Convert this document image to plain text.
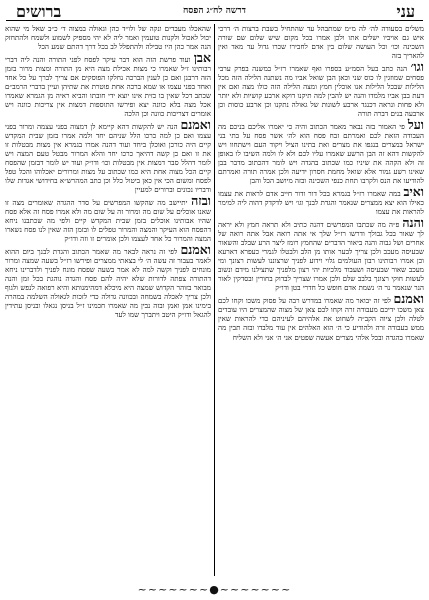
עני
דרשה לח״ג הפסח
ברושים

משלים בסעודה לה׳ לה מ״מ שמתבהל עד שהתחיל בשבת ברצות ה׳ דרכי איש גם אויביו ישלים אתו ולכן אמרו בכל מקום שיש שלום שם שורה השכינה וכו׳ וכל העושה שלום בין אדם לחבירו שכרו גדול עד מאד ואין להאריך בזה

וגו׳ הנה כתב בעל הסמ״ע בספרו ואף שאמרו רז״ל במשנה בפרק ערבי פסחים שמוזגין לו כוס שני וכאן הבן שואל אביו מה נשתנה הלילה הזה מכל הלילות שבכל הלילות אנו אוכלין חמץ ומצה הלילה הזה כולו מצה ואם אין דעת בבן אביו מלמדו והנה יש להבין למה תיקנו דוקא ארבע קושיות ולא יותר ולא פחות ונראה דכנגד ארבע לשונות של גאולה נתקנו וכן ארבע כוסות וכן ארבעה בנים דברה תורה

ועל פי האמור בזה נבאר מאמר הכתוב והיה כי יאמרו אליכם בניכם מה העבודה הזאת לכם ואמרתם זבח פסח הוא לה׳ אשר פסח על בתי בני ישראל במצרים בנגפו את מצרים ואת בתינו הציל ויקוד העם וישתחוו ויש להקשות דהא זה הבן הרשע שאמרו עליו לכם ולא לו ולמה השיבו לו באופן זה ולא הקהה את שיניו כמו שכתוב בהגדה ויש לומר דהכתוב מדבר בבן שאינו רשע גמור אלא שואל מחמת חסרון ידיעה ולכן אמרה תורה ואמרתם להודיעו את הנס ולקרבו תחת כנפי השכינה ובזה מיושב הכל והבן

ואיב במה שאמרו רז״ל בגמרא בכל דור ודור חייב אדם לראות את עצמו כאילו הוא יצא ממצרים שנאמר והגדת לבנך וגו׳ ויש לדקדק דהוה ליה למימר להראות את עצמו

והנה פ״ה מה שכתבו המפרשים דהנה כתיב ולא תראה חמץ ולא יראה לך שאור בכל גבולך ודרשו רז״ל שלך אי אתה רואה אבל אתה רואה של אחרים ושל גבוה והנה ביאור הדברים שהחמץ רומז ליצר הרע שבלב והשאור שבעיסה מעכב ולכן צריך לבער אותו מן הלב ולבטלו לגמרי כעפרא דארעא וכן אמרו רבותינו רבון העולמים גלוי וידוע לפניך שרצוננו לעשות רצונך ומי מעכב שאור שבעיסה ושעבוד מלכיות יהי רצון מלפניך שתצילנו מידם ונשוב לעשות חוקי רצונך בלבב שלם ולכן אמרו שצריך לבדוק בחורין ובסדקין לאור הנר שנאמר נר ה׳ נשמת אדם חופש כל חדרי בטן ודו״ק

ואמנם לפי זה יבואר מה שאמרו במדרש רבה על פסוק משכו וקחו לכם צאן משכו ידיכם מעבודה זרה וקחו לכם צאן של מצוה שהמצרים היו עובדים לטלה ולכן ציוה הקב״ה לשחוט את אלהיהם לעיניהם כדי להראות שאין ממש בעבודה זרה ולהודיע כי ה׳ הוא האלהים אין עוד מלבדו ובזה תבין מה שאמרו בהגדה ובכל אלהי מצרים אעשה שפטים אני ה׳ אני ולא השליח

שהאכלו מעבדים ונקה של ולו״ד כהן וגאולה במצוה ד׳ כ״ב שאל מי שהוא יכול לאכול ולקנות טועמין ואמר ליה לא יהי מספיק לשמוע ולשמח ולהתחזק הנה אמר כהן היו טבילה ולהתפלל לב בכל דרך דהתם שמע הכל

אבן ועוד פרשת הזה הוא דבר עיקר לפסח לפני התורה והנה ליה דברי רבותינו ז״ל שאמרו כי מצות אכילת מצה היא מן התורה ומצות מרור בזמן הזה דרבנן ואם כן לענין הברכה נחלקו הפוסקים אם צריך לברך על כל אחד ואחד בפני עצמו או שמא ברכה אחת פוטרת את שתיהן ועיין בדברי הרמב״ם שכתב דכל שאין בו כזית אינו יוצא ידי חובתו והביא ראיה מן הגמרא שאמרו אכל מצה בלא כוונה יצא ופירשו התוספות דמצות אין צריכות כוונה ויש אומרים דצריכות כוונה וכן הלכה

ואמנם הנה יש להקשות דהא קיימא לן דמצוה בפני עצמה ומרור בפני עצמו ואם כן למה כרכו הלל שניהם יחד ולמה אמרו בזמן שבית המקדש קיים היה כורכן ואוכלן ביחד ועוד דהנה אמרו בגמרא אין מצות מבטלות זו את זו ואם כן קשה דהיאך כרכו יחד והלא המרור מבטל טעם המצה ויש לומר דהלל סבר דמצות אין מבטלות וכו׳ ודו״ק ועוד יש לומר דבזמן שהפסח קיים הכל מצוה אחת היא כמו שכתוב על מצות ומרורים יאכלוהו והכל טפל לפסח ומשום הכי אין כאן ביטול כלל וכן כתב המהרש״א בחידושי אגדות שלו ודבריו נכונים וברורים למעיין

ובזה יתיישב מה שהקשו המפרשים על סדר ההגדה שאומרים מצה זו שאנו אוכלים על שום מה ומרור זה על שום מה ולא אמרו פסח זה אלא פסח שהיו אבותינו אוכלים בזמן שבית המקדש קיים ולפי מה שכתבנו ניחא דהפסח הוא העיקר והמצה והמרור טפלים לו ובזמן הזה שאין לנו פסח נשארו המצה והמרור כל אחד לעצמו ולכן אומרים זו וזה ודו״ק

ואמנם לפי זה נראה לבאר מה שאמר הכתוב והגדת לבנך ביום ההוא לאמר בעבור זה עשה ה׳ לי בצאתי ממצרים ופירשו רז״ל בשעה שמצה ומרור מונחים לפניך וקשה למה לא אמר בשעה שפסח מונח לפניך ולדברינו ניחא דהתורה צפתה לדורות שלא יהיה להם פסח והגדה נוהגת בכל זמן והנה מבואר בזוהר הקדוש שמצה היא מיכלא דמהימנותא והיא רפואה לנפש ולגוף ולכן צריך לאכלה בשמחה ובכוונה גדולה כדי לזכות לגאולה השלמה במהרה בימינו אמן ואמן ובזה נבין מה שאמרו חכמינו ז״ל בניסן נגאלו ובניסן עתידין להגאל ודו״ק היטב ויתברך שמו לעד

~~~~~~~●~~~~~~~
